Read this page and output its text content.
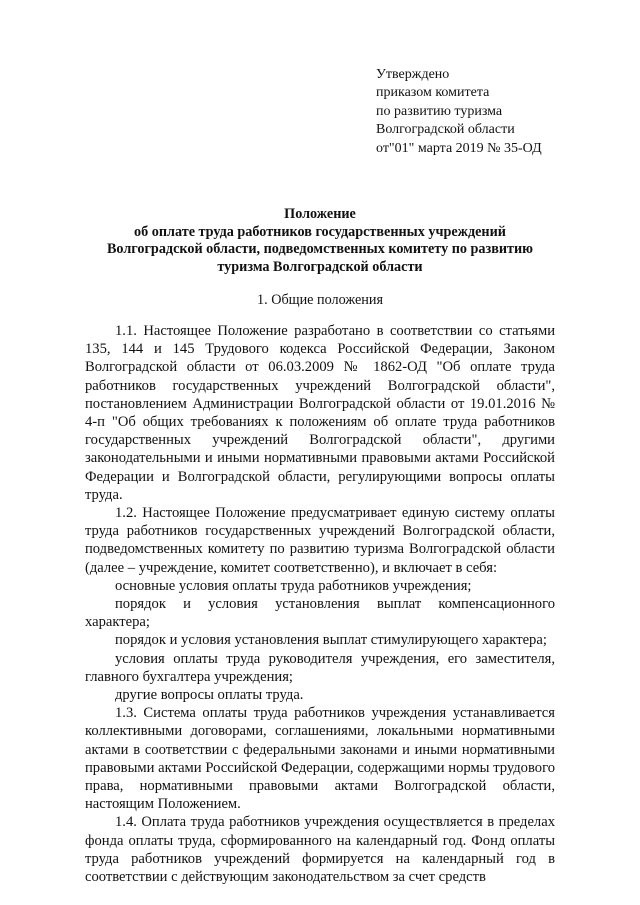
Утверждено
приказом комитета
по развитию туризма
Волгоградской области
от"01" марта 2019 № 35-ОД
Положение
об оплате труда работников государственных учреждений
Волгоградской области, подведомственных комитету по развитию
туризма Волгоградской области
1. Общие положения

1.1. Настоящее Положение разработано в соответствии со статьями 135, 144 и 145 Трудового кодекса Российской Федерации, Законом Волгоградской области от 06.03.2009 № 1862-ОД "Об оплате труда работников государственных учреждений Волгоградской области", постановлением Администрации Волгоградской области от 19.01.2016 № 4-п "Об общих требованиях к положениям об оплате труда работников государственных учреждений Волгоградской области", другими законодательными и иными нормативными правовыми актами Российской Федерации и Волгоградской области, регулирующими вопросы оплаты труда.

1.2. Настоящее Положение предусматривает единую систему оплаты труда работников государственных учреждений Волгоградской области, подведомственных комитету по развитию туризма Волгоградской области (далее – учреждение, комитет соответственно), и включает в себя:

основные условия оплаты труда работников учреждения;

порядок и условия установления выплат компенсационного характера;

порядок и условия установления выплат стимулирующего характера;

условия оплаты труда руководителя учреждения, его заместителя, главного бухгалтера учреждения;

другие вопросы оплаты труда.

1.3. Система оплаты труда работников учреждения устанавливается коллективными договорами, соглашениями, локальными нормативными актами в соответствии с федеральными законами и иными нормативными правовыми актами Российской Федерации, содержащими нормы трудового права, нормативными правовыми актами Волгоградской области, настоящим Положением.

1.4. Оплата труда работников учреждения осуществляется в пределах фонда оплаты труда, сформированного на календарный год. Фонд оплаты труда работников учреждений формируется на календарный год в соответствии с действующим законодательством за счет средств
